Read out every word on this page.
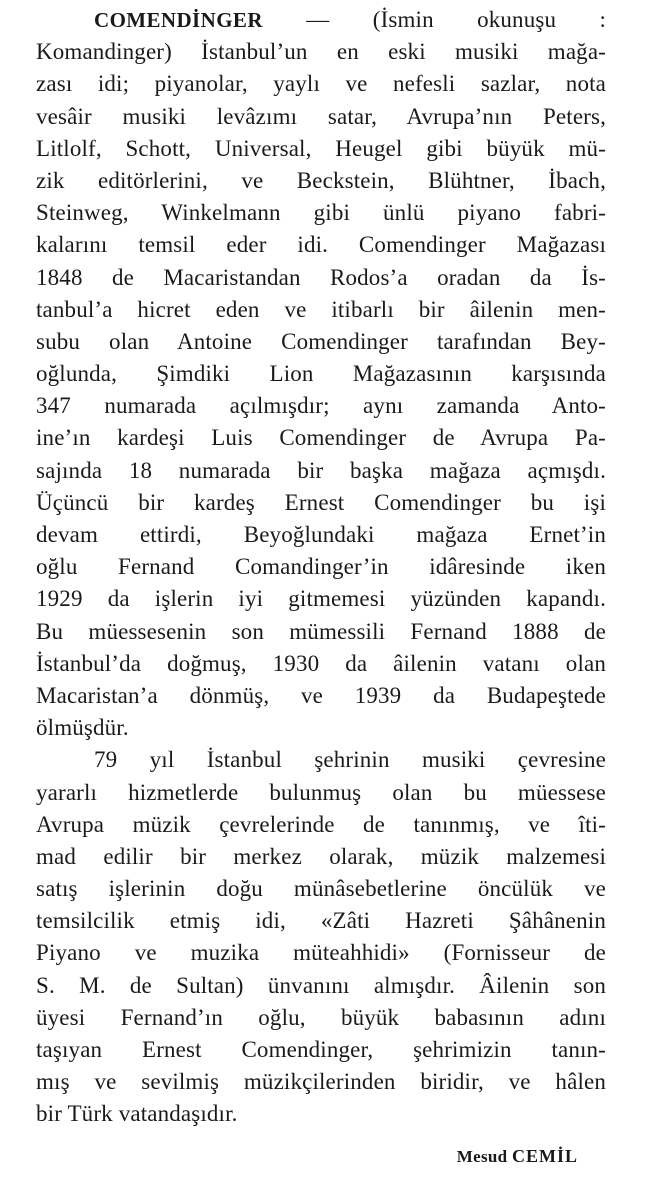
COMENDİNGER — (İsmin okunuşu :
Komandinger) İstanbul’un en eski musiki mağa-
zası idi; piyanolar, yaylı ve nefesli sazlar, nota
vesâir musiki levâzımı satar, Avrupa’nın Peters,
Litlolf, Schott, Universal, Heugel gibi büyük mü-
zik editörlerini, ve Beckstein, Blühtner, İbach,
Steinweg, Winkelmann gibi ünlü piyano fabri-
kalarını temsil eder idi. Comendinger Mağazası
1848 de Macaristandan Rodos’a oradan da İs-
tanbul’a hicret eden ve itibarlı bir âilenin men-
subu olan Antoine Comendinger tarafından Bey-
oğlunda, Şimdiki Lion Mağazasının karşısında
347 numarada açılmışdır; aynı zamanda Anto-
ine’ın kardeşi Luis Comendinger de Avrupa Pa-
sajında 18 numarada bir başka mağaza açmışdı.
Üçüncü bir kardeş Ernest Comendinger bu işi
devam ettirdi, Beyoğlundaki mağaza Ernet’in
oğlu Fernand Comandinger’in idâresinde iken
1929 da işlerin iyi gitmemesi yüzünden kapandı.
Bu müessesenin son mümessili Fernand 1888 de
İstanbul’da doğmuş, 1930 da âilenin vatanı olan
Macaristan’a dönmüş, ve 1939 da Budapeştede
ölmüşdür.
79 yıl İstanbul şehrinin musiki çevresine
yararlı hizmetlerde bulunmuş olan bu müessese
Avrupa müzik çevrelerinde de tanınmış, ve îti-
mad edilir bir merkez olarak, müzik malzemesi
satış işlerinin doğu münâsebetlerine öncülük ve
temsilcilik etmiş idi, «Zâti Hazreti Şâhânenin
Piyano ve muzika müteahhidi» (Fornisseur de
S. M. de Sultan) ünvanını almışdır. Âilenin son
üyesi Fernand’ın oğlu, büyük babasının adını
taşıyan Ernest Comendinger, şehrimizin tanın-
mış ve sevilmiş müzikçilerinden biridir, ve hâlen
bir Türk vatandaşıdır.
Mesud CEMİL
